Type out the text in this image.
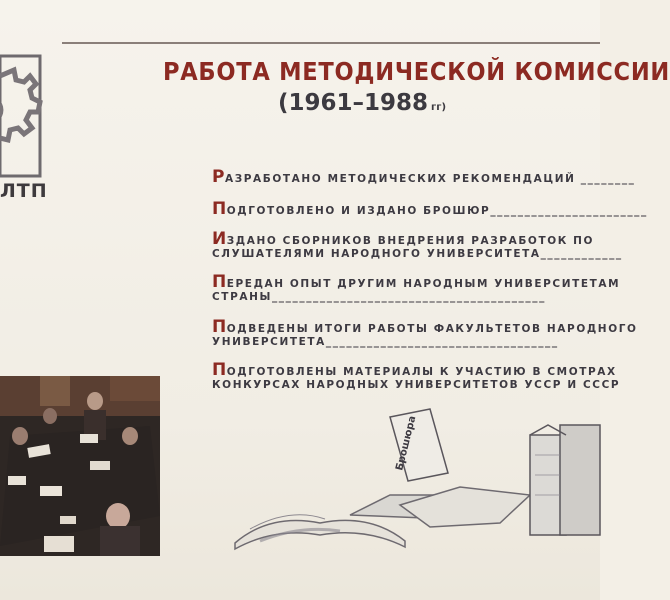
ЛТП
РАБОТА МЕТОДИЧЕСКОЙ КОМИССИИ
(1961–1988 гг)
РАЗРАБОТАНО МЕТОДИЧЕСКИХ РЕКОМЕНДАЦИЙ ________
ПОДГОТОВЛЕНО И ИЗДАНО БРОШЮР_______________________
ИЗДАНО СБОРНИКОВ ВНЕДРЕНИЯ РАЗРАБОТОК ПО
СЛУШАТЕЛЯМИ НАРОДНОГО УНИВЕРСИТЕТА____________
ПЕРЕДАН ОПЫТ ДРУГИМ НАРОДНЫМ УНИВЕРСИТЕТАМ
СТРАНЫ________________________________________
ПОДВЕДЕНЫ ИТОГИ РАБОТЫ ФАКУЛЬТЕТОВ НАРОДНОГО
УНИВЕРСИТЕТА__________________________________
ПОДГОТОВЛЕНЫ МАТЕРИАЛЫ К УЧАСТИЮ В СМОТРАХ
КОНКУРСАХ НАРОДНЫХ УНИВЕРСИТЕТОВ УССР И СССР
Брошюра
